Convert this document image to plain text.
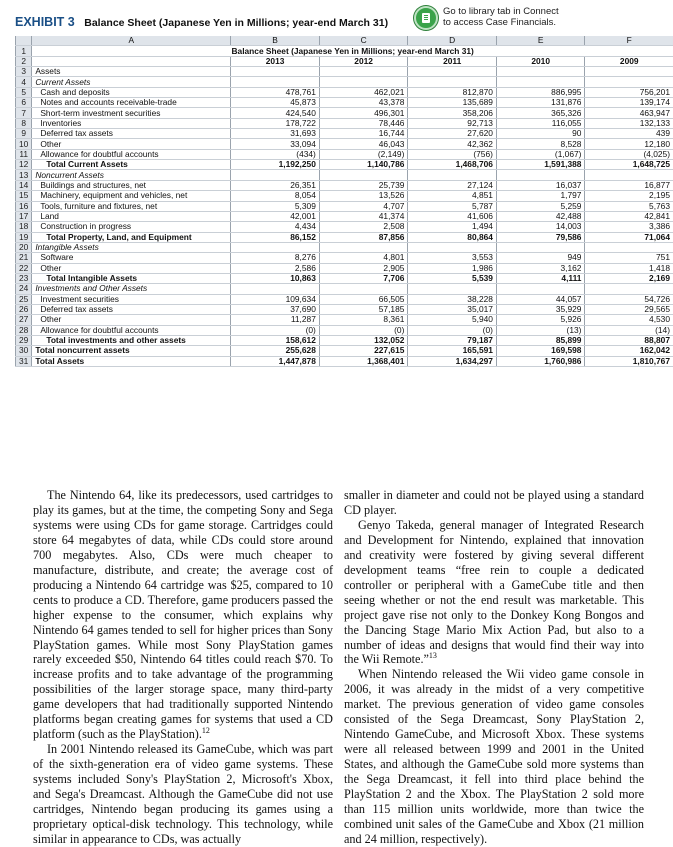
EXHIBIT 3 Balance Sheet (Japanese Yen in Millions; year-end March 31)
Go to library tab in Connect
to access Case Financials.
	A	B	C	D	E	F
1	Balance Sheet (Japanese Yen in Millions; year-end March 31)					
2		2013	2012	2011	2010	2009
3	Assets					
4	Current Assets					
5	Cash and deposits	478,761	462,021	812,870	886,995	756,201
6	Notes and accounts receivable-trade	45,873	43,378	135,689	131,876	139,174
7	Short-term investment securities	424,540	496,301	358,206	365,326	463,947
8	Inventories	178,722	78,446	92,713	116,055	132,133
9	Deferred tax assets	31,693	16,744	27,620	90	439
10	Other	33,094	46,043	42,362	8,528	12,180
11	Allowance for doubtful accounts	(434)	(2,149)	(756)	(1,067)	(4,025)
12	Total Current Assets	1,192,250	1,140,786	1,468,706	1,591,388	1,648,725
13	Noncurrent Assets					
14	Buildings and structures, net	26,351	25,739	27,124	16,037	16,877
15	Machinery, equipment and vehicles, net	8,054	13,526	4,851	1,797	2,195
16	Tools, furniture and fixtures, net	5,309	4,707	5,787	5,259	5,763
17	Land	42,001	41,374	41,606	42,488	42,841
18	Construction in progress	4,434	2,508	1,494	14,003	3,386
19	Total Property, Land, and Equipment	86,152	87,856	80,864	79,586	71,064
20	Intangible Assets					
21	Software	8,276	4,801	3,553	949	751
22	Other	2,586	2,905	1,986	3,162	1,418
23	Total Intangible Assets	10,863	7,706	5,539	4,111	2,169
24	Investments and Other Assets					
25	Investment securities	109,634	66,505	38,228	44,057	54,726
26	Deferred tax assets	37,690	57,185	35,017	35,929	29,565
27	Other	11,287	8,361	5,940	5,926	4,530
28	Allowance for doubtful accounts	(0)	(0)	(0)	(13)	(14)
29	Total investments and other assets	158,612	132,052	79,187	85,899	88,807
30	Total noncurrent assets	255,628	227,615	165,591	169,598	162,042
31	Total Assets	1,447,878	1,368,401	1,634,297	1,760,986	1,810,767

The Nintendo 64, like its predecessors, used cartridges to play its games, but at the time, the competing Sony and Sega systems were using CDs for game storage. Cartridges could store 64 megabytes of data, while CDs could store around 700 megabytes. Also, CDs were much cheaper to manufacture, distribute, and create; the average cost of producing a Nintendo 64 cartridge was $25, compared to 10 cents to produce a CD. Therefore, game producers passed the higher expense to the consumer, which explains why Nintendo 64 games tended to sell for higher prices than Sony PlayStation games. While most Sony PlayStation games rarely exceeded $50, Nintendo 64 titles could reach $70. To increase profits and to take advantage of the programming possibilities of the larger storage space, many third-party game developers that had traditionally supported Nintendo platforms began creating games for systems that used a CD platform (such as the PlayStation).$^{12}$

In 2001 Nintendo released its GameCube, which was part of the sixth-generation era of video game systems. These systems included Sony's PlayStation 2, Microsoft's Xbox, and Sega's Dreamcast. Although the GameCube did not use cartridges, Nintendo began producing its games using a proprietary optical-disk technology. This technology, while similar in appearance to CDs, was actually

smaller in diameter and could not be played using a standard CD player.

Genyo Takeda, general manager of Integrated Research and Development for Nintendo, explained that innovation and creativity were fostered by giving several different development teams “free rein to couple a dedicated controller or peripheral with a GameCube title and then seeing whether or not the end result was marketable. This project gave rise not only to the Donkey Kong Bongos and the Dancing Stage Mario Mix Action Pad, but also to a number of ideas and designs that would find their way into the Wii Remote.”$^{13}$

When Nintendo released the Wii video game console in 2006, it was already in the midst of a very competitive market. The previous generation of video game consoles consisted of the Sega Dreamcast, Sony PlayStation 2, Nintendo GameCube, and Microsoft Xbox. These systems were all released between 1999 and 2001 in the United States, and although the GameCube sold more systems than the Sega Dreamcast, it fell into third place behind the PlayStation 2 and the Xbox. The PlayStation 2 sold more than 115 million units worldwide, more than twice the combined unit sales of the GameCube and Xbox (21 million and 24 million, respectively).
